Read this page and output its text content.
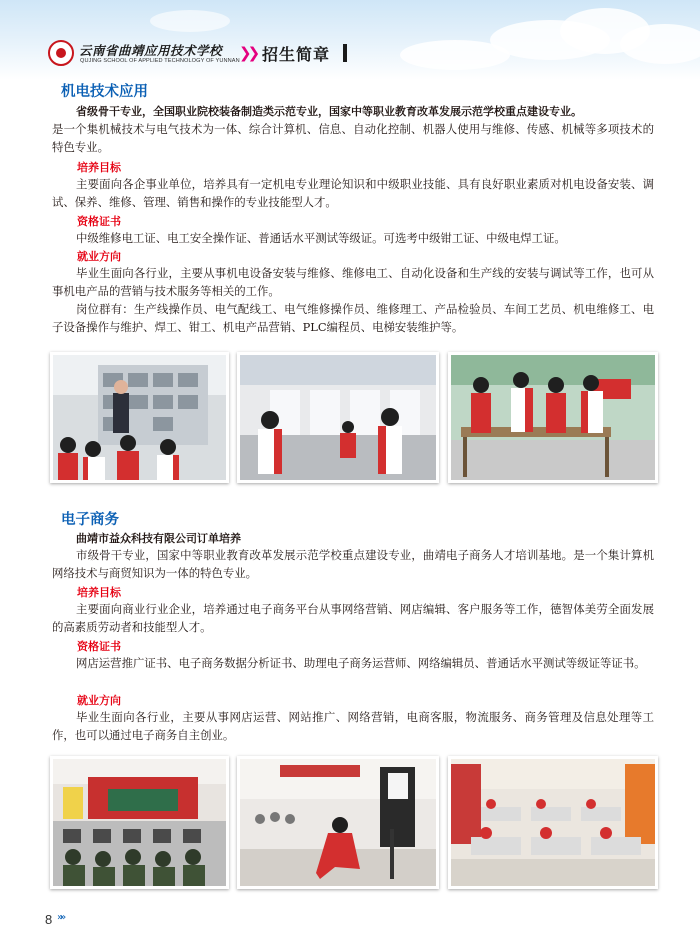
云南省曲靖应用技术学校
QUJING SCHOOL OF APPLIED TECHNOLOGY OF YUNNAN ❯❯ 招生简章
机电技术应用

省级骨干专业，全国职业院校装备制造类示范专业，国家中等职业教育改革发展示范学校重点建设专业。

是一个集机械技术与电气技术为一体、综合计算机、信息、自动化控制、机器人使用与维修、传感、机械等多项技术的特色专业。

培养目标

主要面向各企事业单位，培养具有一定机电专业理论知识和中级职业技能、具有良好职业素质对机电设备安装、调试、保养、维修、管理、销售和操作的专业技能型人才。

资格证书

中级维修电工证、电工安全操作证、普通话水平测试等级证。可选考中级钳工证、中级电焊工证。

就业方向

毕业生面向各行业，主要从事机电设备安装与维修、维修电工、自动化设备和生产线的安装与调试等工作，也可从事机电产品的营销与技术服务等相关的工作。

岗位群有：生产线操作员、电气配线工、电气维修操作员、维修理工、产品检验员、车间工艺员、机电维修工、电子设备操作与维护、焊工、钳工、机电产品营销、PLC编程员、电梯安装维护等。

电子商务

曲靖市益众科技有限公司订单培养

市级骨干专业，国家中等职业教育改革发展示范学校重点建设专业，曲靖电子商务人才培训基地。是一个集计算机网络技术与商贸知识为一体的特色专业。

培养目标

主要面向商业行业企业，培养通过电子商务平台从事网络营销、网店编辑、客户服务等工作，德智体美劳全面发展的高素质劳动者和技能型人才。

资格证书

网店运营推广证书、电子商务数据分析证书、助理电子商务运营师、网络编辑员、普通话水平测试等级证等证书。

就业方向

毕业生面向各行业，主要从事网店运营、网站推广、网络营销，电商客服，物流服务、商务管理及信息处理等工作，也可以通过电子商务自主创业。

8 »»
